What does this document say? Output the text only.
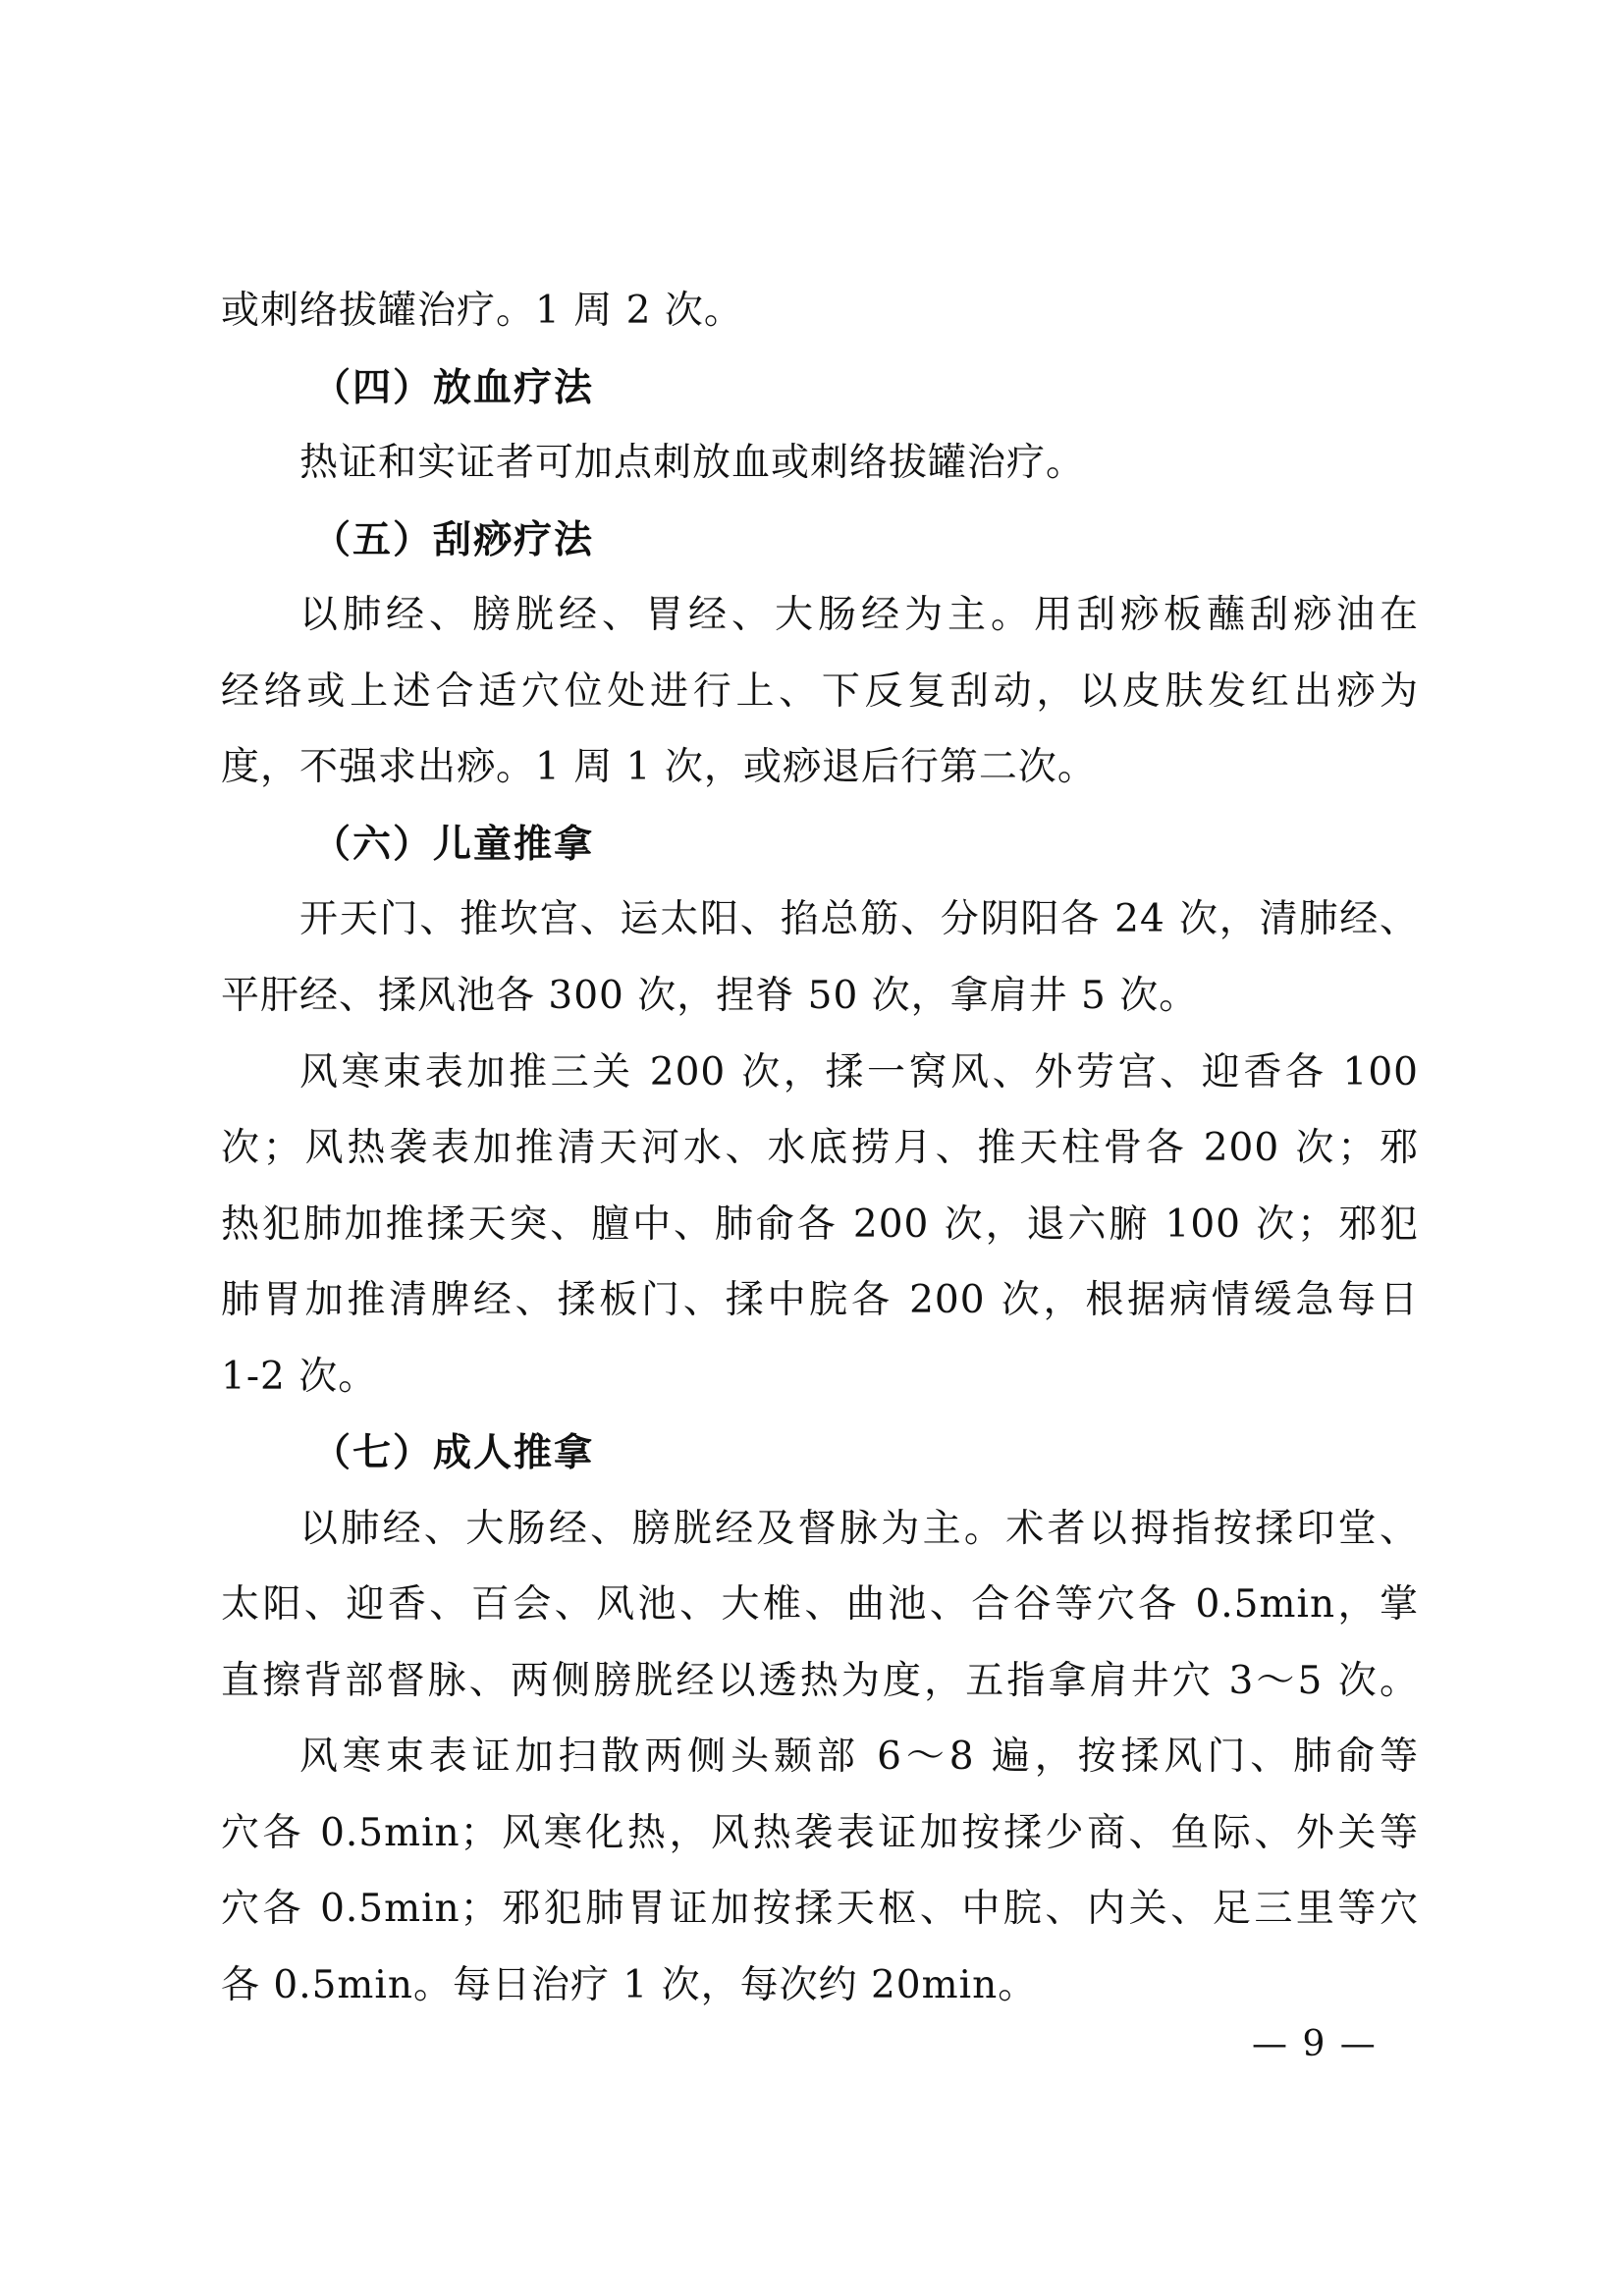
或刺络拔罐治疗。1 周 2 次。
（四）放血疗法
热证和实证者可加点刺放血或刺络拔罐治疗。
（五）刮痧疗法
以肺经、膀胱经、胃经、大肠经为主。用刮痧板蘸刮痧油在
经络或上述合适穴位处进行上、下反复刮动，以皮肤发红出痧为
度，不强求出痧。1 周 1 次，或痧退后行第二次。
（六）儿童推拿
开天门、推坎宫、运太阳、掐总筋、分阴阳各 24 次，清肺经、
平肝经、揉风池各 300 次，捏脊 50 次，拿肩井 5 次。
风寒束表加推三关 200 次，揉一窝风、外劳宫、迎香各 100
次；风热袭表加推清天河水、水底捞月、推天柱骨各 200 次；邪
热犯肺加推揉天突、膻中、肺俞各 200 次，退六腑 100 次；邪犯
肺胃加推清脾经、揉板门、揉中脘各 200 次，根据病情缓急每日
1-2 次。
（七）成人推拿
以肺经、大肠经、膀胱经及督脉为主。术者以拇指按揉印堂、
太阳、迎香、百会、风池、大椎、曲池、合谷等穴各 0.5min，掌
直擦背部督脉、两侧膀胱经以透热为度，五指拿肩井穴 3～5 次。
风寒束表证加扫散两侧头颞部 6～8 遍，按揉风门、肺俞等
穴各 0.5min；风寒化热，风热袭表证加按揉少商、鱼际、外关等
穴各 0.5min；邪犯肺胃证加按揉天枢、中脘、内关、足三里等穴
各 0.5min。每日治疗 1 次，每次约 20min。
— 9 —
